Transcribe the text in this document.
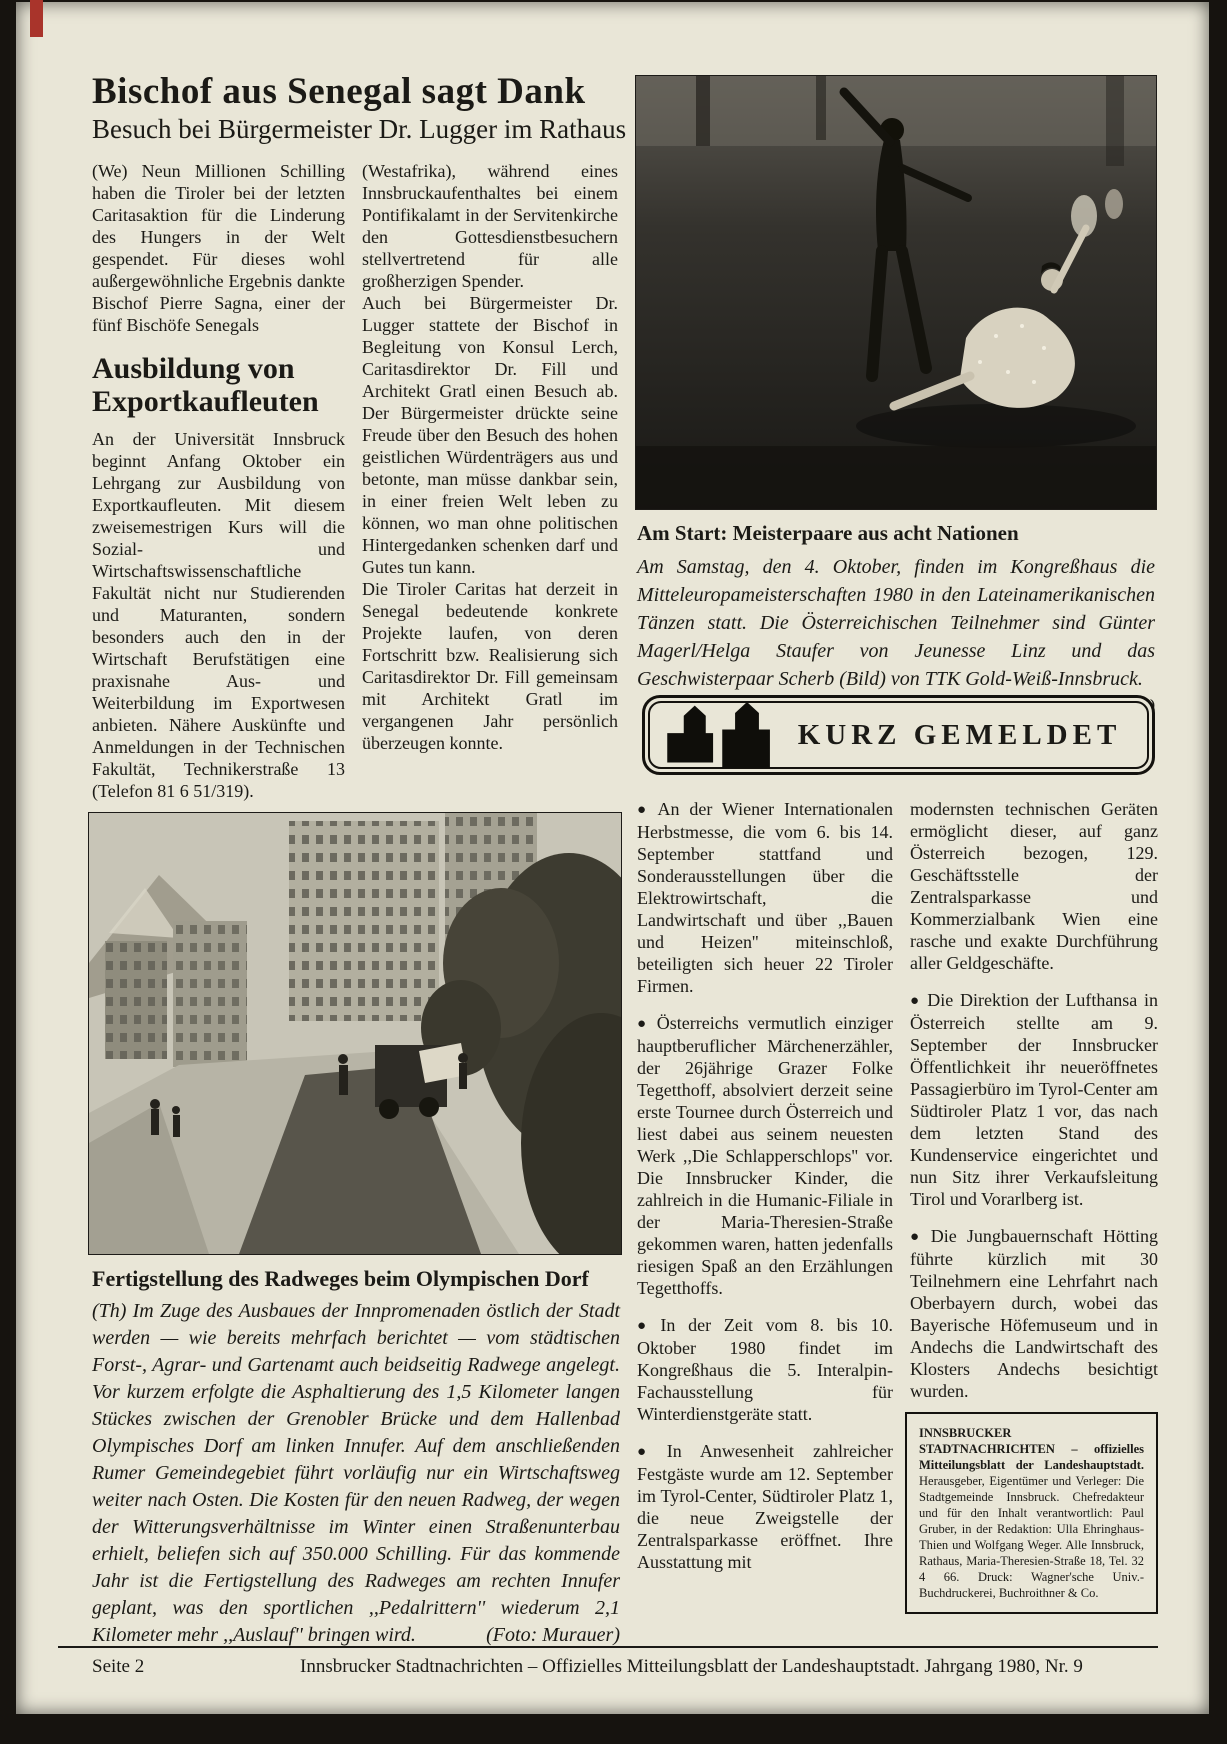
Bischof aus Senegal sagt Dank
Besuch bei Bürgermeister Dr. Lugger im Rathaus

(We) Neun Millionen Schilling haben die Tiroler bei der letzten Caritasaktion für die Linderung des Hungers in der Welt gespendet. Für dieses wohl außergewöhnliche Ergebnis dankte Bischof Pierre Sagna, einer der fünf Bischöfe Senegals

Ausbildung von Exportkaufleuten

An der Universität Innsbruck beginnt Anfang Oktober ein Lehrgang zur Ausbildung von Exportkaufleuten. Mit diesem zweisemestrigen Kurs will die Sozial- und Wirtschaftswissenschaftliche Fakultät nicht nur Studierenden und Maturanten, sondern besonders auch den in der Wirtschaft Berufstätigen eine praxisnahe Aus- und Weiterbildung im Exportwesen anbieten. Nähere Auskünfte und Anmeldungen in der Technischen Fakultät, Technikerstraße 13 (Telefon 81 6 51/319).

(Westafrika), während eines Innsbruckaufenthaltes bei einem Pontifikalamt in der Servitenkirche den Gottesdienstbesuchern stellvertretend für alle großherzigen Spender.

Auch bei Bürgermeister Dr. Lugger stattete der Bischof in Begleitung von Konsul Lerch, Caritasdirektor Dr. Fill und Architekt Gratl einen Besuch ab. Der Bürgermeister drückte seine Freude über den Besuch des hohen geistlichen Würdenträgers aus und betonte, man müsse dankbar sein, in einer freien Welt leben zu können, wo man ohne politischen Hintergedanken schenken darf und Gutes tun kann.

Die Tiroler Caritas hat derzeit in Senegal bedeutende konkrete Projekte laufen, von deren Fortschritt bzw. Realisierung sich Caritasdirektor Dr. Fill gemeinsam mit Architekt Gratl im vergangenen Jahr persönlich überzeugen konnte.

Am Start: Meisterpaare aus acht Nationen
Am Samstag, den 4. Oktober, finden im Kongreßhaus die Mitteleuropameisterschaften 1980 in den Lateinamerikanischen Tänzen statt. Die Österreichischen Teilnehmer sind Günter Magerl/Helga Staufer von Jeunesse Linz und das Geschwisterpaar Scherb (Bild) von TTK Gold-Weiß-Innsbruck.
KURZ GEMELDET
● An der Wiener Internationalen Herbstmesse, die vom 6. bis 14. September stattfand und Sonderausstellungen über die Elektrowirtschaft, die Landwirtschaft und über ,,Bauen und Heizen'' miteinschloß, beteiligten sich heuer 22 Tiroler Firmen.
● Österreichs vermutlich einziger hauptberuflicher Märchenerzähler, der 26jährige Grazer Folke Tegetthoff, absolviert derzeit seine erste Tournee durch Österreich und liest dabei aus seinem neuesten Werk ,,Die Schlapperschlops'' vor. Die Innsbrucker Kinder, die zahlreich in die Humanic-Filiale in der Maria-Theresien-Straße gekommen waren, hatten jedenfalls riesigen Spaß an den Erzählungen Tegetthoffs.
● In der Zeit vom 8. bis 10. Oktober 1980 findet im Kongreßhaus die 5. Interalpin-Fachausstellung für Winterdienstgeräte statt.
● In Anwesenheit zahlreicher Festgäste wurde am 12. September im Tyrol-Center, Südtiroler Platz 1, die neue Zweigstelle der Zentralsparkasse eröffnet. Ihre Ausstattung mit
modernsten technischen Geräten ermöglicht dieser, auf ganz Österreich bezogen, 129. Geschäftsstelle der Zentralsparkasse und Kommerzialbank Wien eine rasche und exakte Durchführung aller Geldgeschäfte.
● Die Direktion der Lufthansa in Österreich stellte am 9. September der Innsbrucker Öffentlichkeit ihr neueröffnetes Passagierbüro im Tyrol-Center am Südtiroler Platz 1 vor, das nach dem letzten Stand des Kundenservice eingerichtet und nun Sitz ihrer Verkaufsleitung Tirol und Vorarlberg ist.
● Die Jungbauernschaft Hötting führte kürzlich mit 30 Teilnehmern eine Lehrfahrt nach Oberbayern durch, wobei das Bayerische Höfemuseum und in Andechs die Landwirtschaft des Klosters Andechs besichtigt wurden.
Fertigstellung des Radweges beim Olympischen Dorf
(Th) Im Zuge des Ausbaues der Innpromenaden östlich der Stadt werden — wie bereits mehrfach berichtet — vom städtischen Forst-, Agrar- und Gartenamt auch beidseitig Radwege angelegt. Vor kurzem erfolgte die Asphaltierung des 1,5 Kilometer langen Stückes zwischen der Grenobler Brücke und dem Hallenbad Olympisches Dorf am linken Innufer. Auf dem anschließenden Rumer Gemeindegebiet führt vorläufig nur ein Wirtschaftsweg weiter nach Osten. Die Kosten für den neuen Radweg, der wegen der Witterungsverhältnisse im Winter einen Straßenunterbau erhielt, beliefen sich auf 350.000 Schilling. Für das kommende Jahr ist die Fertigstellung des Radweges am rechten Innufer geplant, was den sportlichen ,,Pedalrittern'' wiederum 2,1 Kilometer mehr ,,Auslauf'' bringen wird.	(Foto: Murauer)
INNSBRUCKER STADTNACHRICHTEN – offizielles Mitteilungsblatt der Landeshauptstadt. Herausgeber, Eigentümer und Verleger: Die Stadtgemeinde Innsbruck. Chefredakteur und für den Inhalt verantwortlich: Paul Gruber, in der Redaktion: Ulla Ehringhaus-Thien und Wolfgang Weger. Alle Innsbruck, Rathaus, Maria-Theresien-Straße 18, Tel. 32 4 66. Druck: Wagner'sche Univ.-Buchdruckerei, Buchroithner & Co.
Seite 2	Innsbrucker Stadtnachrichten – Offizielles Mitteilungsblatt der Landeshauptstadt. Jahrgang 1980, Nr. 9
